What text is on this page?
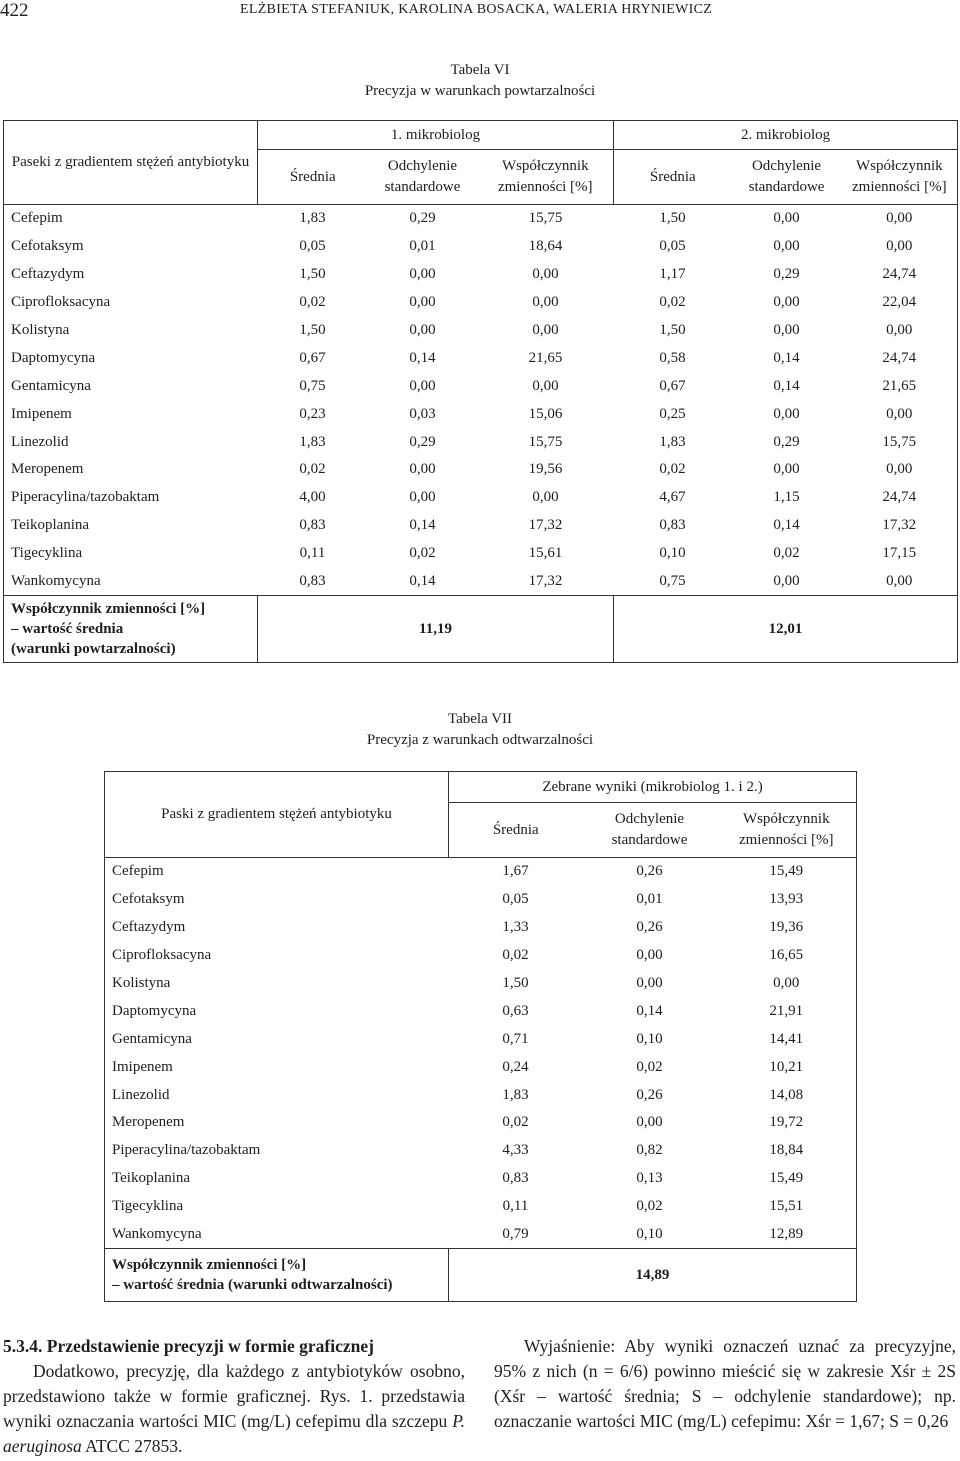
422	ELŻBIETA STEFANIUK, KAROLINA BOSACKA, WALERIA HRYNIEWICZ
Tabela VI
Precyzja w warunkach powtarzalności
Paseki z gradientem stężeń antybiotyku	1. mikrobiolog			2. mikrobiolog		
	Średnia	Odchylenie standardowe	Współczynnik zmienności [%]	Średnia	Odchylenie standardowe	Współczynnik zmienności [%]
Cefepim	1,83	0,29	15,75	1,50	0,00	0,00
Cefotaksym	0,05	0,01	18,64	0,05	0,00	0,00
Ceftazydym	1,50	0,00	0,00	1,17	0,29	24,74
Ciprofloksacyna	0,02	0,00	0,00	0,02	0,00	22,04
Kolistyna	1,50	0,00	0,00	1,50	0,00	0,00
Daptomycyna	0,67	0,14	21,65	0,58	0,14	24,74
Gentamicyna	0,75	0,00	0,00	0,67	0,14	21,65
Imipenem	0,23	0,03	15,06	0,25	0,00	0,00
Linezolid	1,83	0,29	15,75	1,83	0,29	15,75
Meropenem	0,02	0,00	19,56	0,02	0,00	0,00
Piperacylina/tazobaktam	4,00	0,00	0,00	4,67	1,15	24,74
Teikoplanina	0,83	0,14	17,32	0,83	0,14	17,32
Tigecyklina	0,11	0,02	15,61	0,10	0,02	17,15
Wankomycyna	0,83	0,14	17,32	0,75	0,00	0,00

Współczynnik zmienności [%]
– wartość średnia
(warunki powtarzalności)	11,19			12,01		
Tabela VII
Precyzja z warunkach odtwarzalności
Paski z gradientem stężeń antybiotyku	Zebrane wyniki (mikrobiolog 1. i 2.)		
	Średnia	Odchylenie standardowe	Współczynnik zmienności [%]
Cefepim	1,67	0,26	15,49
Cefotaksym	0,05	0,01	13,93
Ceftazydym	1,33	0,26	19,36
Ciprofloksacyna	0,02	0,00	16,65
Kolistyna	1,50	0,00	0,00
Daptomycyna	0,63	0,14	21,91
Gentamicyna	0,71	0,10	14,41
Imipenem	0,24	0,02	10,21
Linezolid	1,83	0,26	14,08
Meropenem	0,02	0,00	19,72
Piperacylina/tazobaktam	4,33	0,82	18,84
Teikoplanina	0,83	0,13	15,49
Tigecyklina	0,11	0,02	15,51
Wankomycyna	0,79	0,10	12,89

Współczynnik zmienności [%]
– wartość średnia (warunki odtwarzalności)	14,89		
5.3.4. Przedstawienie precyzji w formie graficznej
Dodatkowo, precyzję, dla każdego z antybiotyków osobno, przedstawiono także w formie graficznej. Rys. 1. przedstawia wyniki oznaczania wartości MIC (mg/L) cefepimu dla szczepu P. aeruginosa ATCC 27853.
Wyjaśnienie: Aby wyniki oznaczeń uznać za precyzyjne, 95% z nich (n = 6/6) powinno mieścić się w zakresie Xśr ± 2S (Xśr – wartość średnia; S – odchylenie standardowe); np. oznaczanie wartości MIC (mg/L) cefepimu: Xśr = 1,67; S = 0,26
